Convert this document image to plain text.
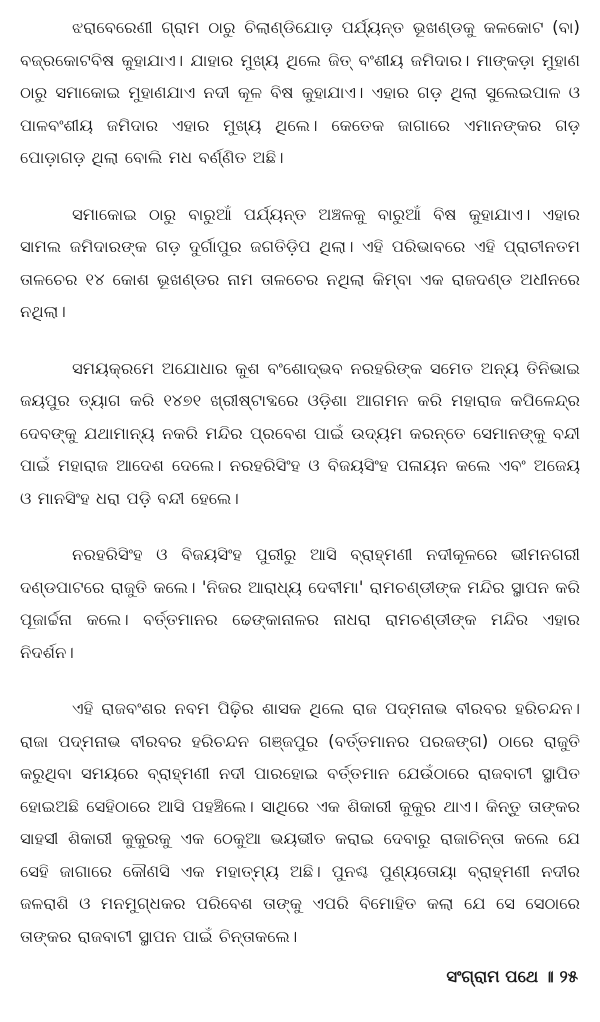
ଝରାବେରେଣୀ ଗ୍ରାମ ଠାରୁ ଚିଲାଣ୍ଡିଯୋଡ଼ ପର୍ଯ୍ୟନ୍ତ ଭୂଖଣ୍ଡକୁ କଳକୋଟ (ବା) ବଜ୍ରକୋଟବିଷ କୁହାଯାଏ। ଯାହାର ମୁଖ୍ୟ ଥିଲେ ଜିତ୍ ବଂଶୀୟ ଜମିଦାର। ମାଙ୍କଡ଼ା ମୁହାଣ ଠାରୁ ସମାକୋଇ ମୁହାଣଯାଏ ନଦୀ କୂଳ ବିଷ କୁହାଯାଏ। ଏହାର ଗଡ଼ ଥିଲା ସୁଲେଇପାଳ ଓ ପାଳବଂଶୀୟ ଜମିଦାର ଏହାର ମୁଖ୍ୟ ଥିଲେ। କେତେକ ଜାଗାରେ ଏମାନଙ୍କର ଗଡ଼ ପୋଡ଼ାଗଡ଼ ଥିଲା ବୋଲି ମଧ ବର୍ଣ୍ଣିତ ଅଛି।

ସମାକୋଇ ଠାରୁ ବାରୁଆଁ ପର୍ଯ୍ୟନ୍ତ ଅଞ୍ଚଳକୁ ବାରୁଆଁ ବିଷ କୁହାଯାଏ। ଏହାର ସାମଲ ଜମିଦାରଙ୍କ ଗଡ଼ ଦୁର୍ଗାପୁର ଜଗତିଡ଼ିପ ଥିଲା। ଏହି ପରିଭାବରେ ଏହି ପ୍ରାଚୀନତମ ତାଳଚେର ୧୪ କୋଶ ଭୂଖଣ୍ଡର ନାମ ତାଳଚେର ନଥିଲା କିମ୍ବା ଏକ ରାଜଦଣ୍ଡ ଅଧୀନରେ ନଥିଲା।

ସମୟକ୍ରମେ ଅଯୋଧାର କୁଶ ବଂଶୋଦ୍ଭବ ନରହରିଙ୍କ ସମେତ ଅନ୍ୟ ତିନିଭାଇ ଜୟପୁର ତ୍ୟାଗ କରି ୧୪୭୧ ଖ୍ରୀଷ୍ଟାବ୍ଦରେ ଓଡ଼ିଶା ଆଗମନ କରି ମହାରାଜ କପିଳେନ୍ଦ୍ର ଦେବଙ୍କୁ ଯଥାମାନ୍ୟ ନକରି ମନ୍ଦିର ପ୍ରବେଶ ପାଇଁ ଉଦ୍ୟମ କରନ୍ତେ ସେମାନଙ୍କୁ ବନ୍ଦୀ ପାଇଁ ମହାରାଜ ଆଦେଶ ଦେଲେ। ନରହରିସିଂହ ଓ ବିଜୟସିଂହ ପଳାୟନ କଲେ ଏବଂ ଅଜେୟ ଓ ମାନସିଂହ ଧରା ପଡ଼ି ବନ୍ଦୀ ହେଲେ।

ନରହରିସିଂହ ଓ ବିଜୟସିଂହ ପୁରୀରୁ ଆସି ବ୍ରାହ୍ମଣୀ ନଦୀକୂଳରେ ଭୀମନଗରୀ ଦଣ୍ଡପାଟରେ ରାଜୁତି କଲେ। 'ନିଜର ଆରାଧ୍ୟ ଦେବୀମା' ରାମଚଣ୍ଡୀଙ୍କ ମନ୍ଦିର ସ୍ଥାପନ କରି ପୂଜାର୍ଚ୍ଚନା କଲେ। ବର୍ତ୍ତମାନର ଢେଙ୍କାନାଳର ନାଧରା ରାମଚଣ୍ଡୀଙ୍କ ମନ୍ଦିର ଏହାର ନିଦର୍ଶନ।

ଏହି ରାଜବଂଶର ନବମ ପିଢ଼ିର ଶାସକ ଥିଲେ ରାଜ ପଦ୍ମନାଭ ବୀରବର ହରିଚନ୍ଦନ। ରାଜା ପଦ୍ମନାଭ ବୀରବର ହରିଚନ୍ଦନ ଗଞ୍ଜପୁର (ବର୍ତ୍ତମାନର ପରଜଙ୍ଗ) ଠାରେ ରାଜୁତି କରୁଥିବା ସମୟରେ ବ୍ରାହ୍ମଣୀ ନଦୀ ପାରହୋଇ ବର୍ତ୍ତମାନ ଯେଉଁଠାରେ ରାଜବାଟୀ ସ୍ଥାପିତ ହୋଇଅଛି ସେହିଠାରେ ଆସି ପହଞ୍ଚିଲେ। ସାଥିରେ ଏକ ଶିକାରୀ କୁକୁର ଥାଏ। କିନ୍ତୁ ତାଙ୍କର ସାହସୀ ଶିକାରୀ କୁକୁରକୁ ଏକ ଠେକୁଆ ଭୟଭୀତ କରାଇ ଦେବାରୁ ରାଜାଚିନ୍ତା କଲେ ଯେ ସେହି ଜାଗାରେ କୌଣସି ଏକ ମହାତ୍ମ୍ୟ ଅଛି। ପୁନଶ୍ଚ ପୁଣ୍ୟତୋୟା ବ୍ରାହ୍ମଣୀ ନଦୀର ଜଳରାଶି ଓ ମନମୁଗ୍ଧକର ପରିବେଶ ତାଙ୍କୁ ଏପରି ବିମୋହିତ କଲା ଯେ ସେ ସେଠାରେ ତାଙ୍କର ରାଜବାଟୀ ସ୍ଥାପନ ପାଇଁ ଚିନ୍ତାକଲେ।

ସଂଗ୍ରାମ ପଥେ ॥ ୨୫
